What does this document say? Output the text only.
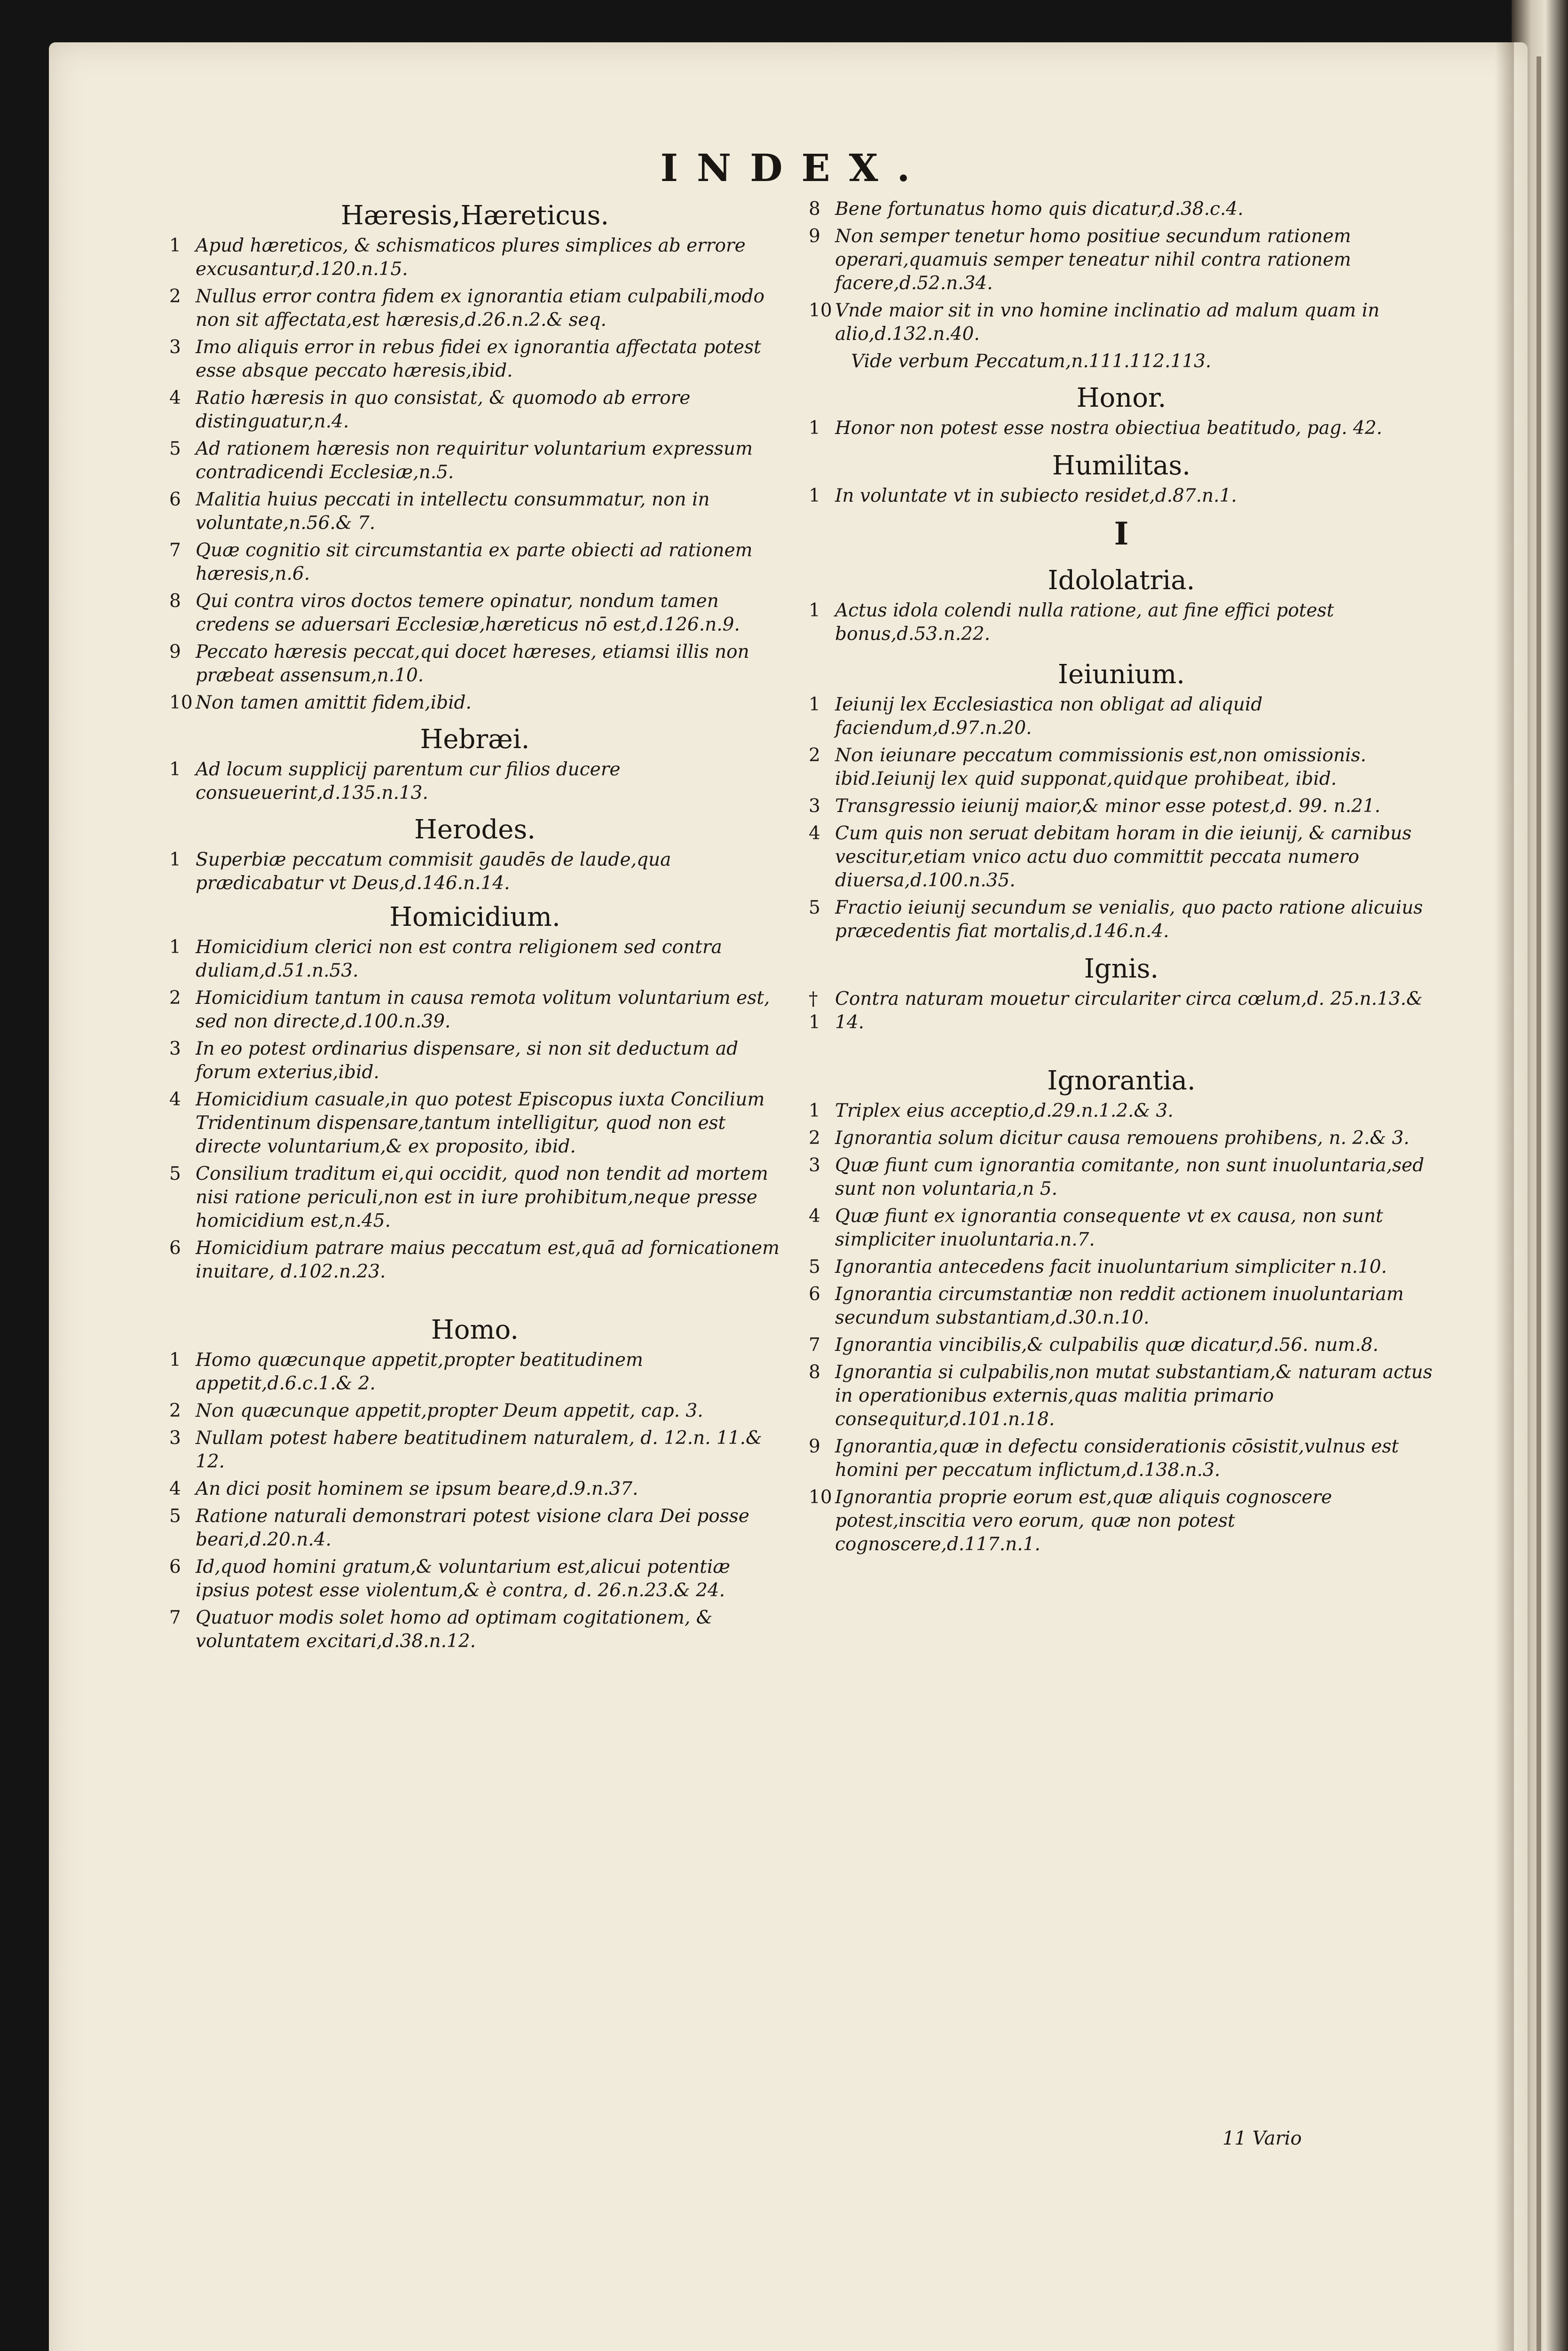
INDEX.
Hæresis,Hæreticus.
1 Apud hæreticos, & schismaticos plures simplices ab errore excusantur,d.120.n.15.
2 Nullus error contra fidem ex ignorantia etiam culpabili,modo non sit affectata,est hæresis,d.26.n.2.& seq.
3 Imo aliquis error in rebus fidei ex ignorantia affectata potest esse absque peccato hæresis,ibid.
4 Ratio hæresis in quo consistat, & quomodo ab errore distinguatur,n.4.
5 Ad rationem hæresis non requiritur voluntarium expressum contradicendi Ecclesiæ,n.5.
6 Malitia huius peccati in intellectu consummatur, non in voluntate,n.56.& 7.
7 Quæ cognitio sit circumstantia ex parte obiecti ad rationem hæresis,n.6.
8 Qui contra viros doctos temere opinatur, nondum tamen credens se aduersari Ecclesiæ,hæreticus nō est,d.126.n.9.
9 Peccato hæresis peccat,qui docet hæreses, etiamsi illis non præbeat assensum,n.10.
10 Non tamen amittit fidem,ibid.
Hebræi.
1 Ad locum supplicij parentum cur filios ducere consueuerint,d.135.n.13.
Herodes.
1 Superbiæ peccatum commisit gaudēs de laude,qua prædicabatur vt Deus,d.146.n.14.
Homicidium.
1 Homicidium clerici non est contra religionem sed contra duliam,d.51.n.53.
2 Homicidium tantum in causa remota volitum voluntarium est, sed non directe,d.100.n.39.
3 In eo potest ordinarius dispensare, si non sit deductum ad forum exterius,ibid.
4 Homicidium casuale,in quo potest Episcopus iuxta Concilium Tridentinum dispensare,tantum intelligitur, quod non est directe voluntarium,& ex proposito, ibid.
5 Consilium traditum ei,qui occidit, quod non tendit ad mortem nisi ratione periculi,non est in iure prohibitum,neque presse homicidium est,n.45.
6 Homicidium patrare maius peccatum est,quā ad fornicationem inuitare, d.102.n.23.
Homo.
1 Homo quæcunque appetit,propter beatitudinem appetit,d.6.c.1.& 2.
2 Non quæcunque appetit,propter Deum appetit, cap. 3.
3 Nullam potest habere beatitudinem naturalem, d. 12.n. 11.& 12.
4 An dici posit hominem se ipsum beare,d.9.n.37.
5 Ratione naturali demonstrari potest visione clara Dei posse beari,d.20.n.4.
6 Id,quod homini gratum,& voluntarium est,alicui potentiæ ipsius potest esse violentum,& è contra, d. 26.n.23.& 24.
7 Quatuor modis solet homo ad optimam cogitationem, & voluntatem excitari,d.38.n.12.
8 Bene fortunatus homo quis dicatur,d.38.c.4.
9 Non semper tenetur homo positiue secundum rationem operari,quamuis semper teneatur nihil contra rationem facere,d.52.n.34.
10 Vnde maior sit in vno homine inclinatio ad malum quam in alio,d.132.n.40.
Vide verbum Peccatum,n.111.112.113.
Honor.
1 Honor non potest esse nostra obiectiua beatitudo, pag. 42.
Humilitas.
1 In voluntate vt in subiecto residet,d.87.n.1.
I
Idololatria.
1 Actus idola colendi nulla ratione, aut fine effici potest bonus,d.53.n.22.
Ieiunium.
1 Ieiunij lex Ecclesiastica non obligat ad aliquid faciendum,d.97.n.20.
2 Non ieiunare peccatum commissionis est,non omissionis. ibid.Ieiunij lex quid supponat,quidque prohibeat, ibid.
3 Transgressio ieiunij maior,& minor esse potest,d. 99. n.21.
4 Cum quis non seruat debitam horam in die ieiunij, & carnibus vescitur,etiam vnico actu duo committit peccata numero diuersa,d.100.n.35.
5 Fractio ieiunij secundum se venialis, quo pacto ratione alicuius præcedentis fiat mortalis,d.146.n.4.
Ignis.
† 1
Contra naturam mouetur circulariter circa cœlum,d. 25.n.13.& 14.
Ignorantia.
1 Triplex eius acceptio,d.29.n.1.2.& 3.
2 Ignorantia solum dicitur causa remouens prohibens, n. 2.& 3.
3 Quæ fiunt cum ignorantia comitante, non sunt inuoluntaria,sed sunt non voluntaria,n 5.
4 Quæ fiunt ex ignorantia consequente vt ex causa, non sunt simpliciter inuoluntaria.n.7.
5 Ignorantia antecedens facit inuoluntarium simpliciter n.10.
6 Ignorantia circumstantiæ non reddit actionem inuoluntariam secundum substantiam,d.30.n.10.
7 Ignorantia vincibilis,& culpabilis quæ dicatur,d.56. num.8.
8 Ignorantia si culpabilis,non mutat substantiam,& naturam actus in operationibus externis,quas malitia primario consequitur,d.101.n.18.
9 Ignorantia,quæ in defectu considerationis cōsistit,vulnus est homini per peccatum inflictum,d.138.n.3.
10 Ignorantia proprie eorum est,quæ aliquis cognoscere potest,inscitia vero eorum, quæ non potest cognoscere,d.117.n.1.
11 Vario
